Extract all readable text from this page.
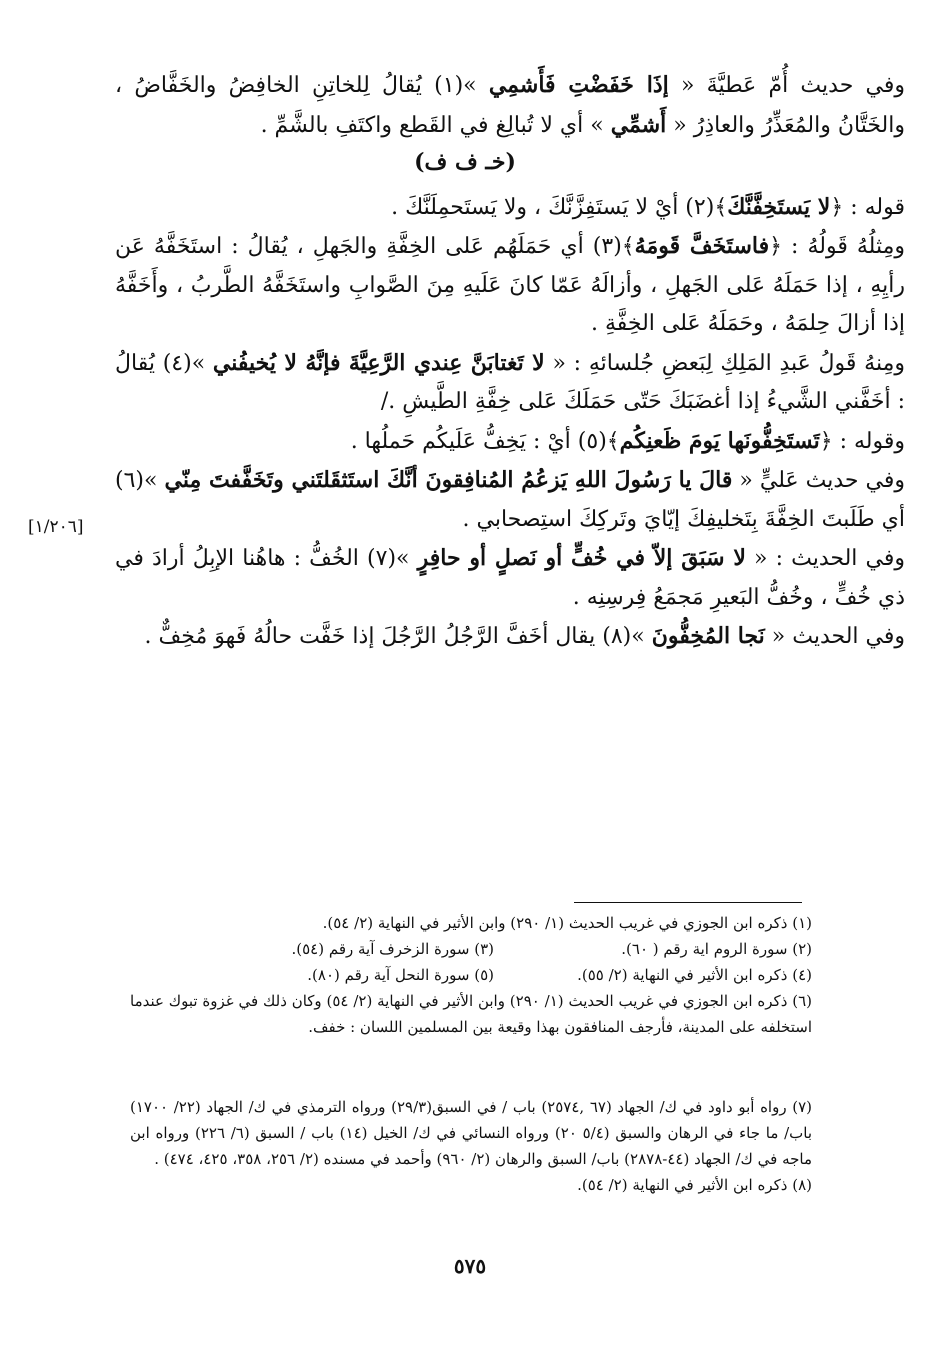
وفي حديث أُمّ عَطيَّةَ « إذَا خَفَضْتِ فَأَشمِي »(١) يُقالُ لِلخاتِنِ الخافِضُ والخَفَّاضُ ، والخَتَّانُ والمُعَذِّرُ والعاذِرُ « أَشمِّي » أي لا تُبالِغ في القَطع واكتَفِ بالشَّمِّ .

(خـ ف ف)

قوله : ﴿لا يَستَخِفَّنَّكَ﴾(٢) أيْ لا يَستَفِزَّنَّكَ ، ولا يَستَحمِلَنَّكَ .

ومِثلُهُ قَولُهُ : ﴿فاستَخَفَّ قَومَهُ﴾(٣) أي حَمَلَهُم عَلى الخِفَّةِ والجَهلِ ، يُقالُ : استَخَفَّهُ عَن رأيِهِ ، إذا حَمَلَهُ عَلى الجَهلِ ، وأزالَهُ عَمّا كانَ عَلَيهِ مِنَ الصَّوابِ واستَخَفَّهُ الطَّربُ ، وأَخَفَّهُ إذا أزالَ حِلمَهُ ، وحَمَلَهُ عَلى الخِفَّةِ .

ومِنهُ قَولُ عَبدِ المَلِكِ لِبَعضِ جُلسائهِ : « لا تَغتابَنَّ عِندي الرَّعِيَّةَ فإنَّهُ لا يُخيفُني »(٤) يُقالُ : أخَفَّني الشَّيءُ إذا أغضَبَكَ حَتّى حَمَلَكَ عَلى خِفَّةِ الطَّيشِ ./

وقوله : ﴿تَستَخِفُّونَها يَومَ ظَعنِكُم﴾(٥) أيْ : يَخِفُّ عَلَيكُم حَملُها .

وفي حديث عَليٍّ « قالَ يا رَسُولَ اللهِ يَزعُمُ المُنافِقونَ أنَّكَ استَثقَلتَني وتَخَفَّفتَ مِنّي »(٦) أي طَلَبتَ الخِفَّةَ بِتَخليفِكَ إيّايَ وتَركِكَ استِصحابي .

وفي الحديث : « لا سَبَقَ إلاّ في خُفٍّ أو نَصلٍ أو حافِرٍ »(٧) الخُفُّ : هاهُنا الإبِلُ أرادَ في ذي خُفٍّ ، وخُفُّ البَعيرِ مَجمَعُ فِرسِنِه .

وفي الحديث « نَجا المُخِفُّونَ »(٨) يقال أخَفَّ الرَّجُلُ الرَّجُلَ إذا خَفَّت حالُهُ فَهوَ مُخِفٌّ .

[١/٢٠٦]

(١) ذكره ابن الجوزي في غريب الحديث (١/ ٢٩٠) وابن الأثير في النهاية (٢/ ٥٤).

(٢) سورة الروم اية رقم ( ٦٠).
(٣) سورة الزخرف آية رقم (٥٤).
(٤) ذكره ابن الأثير في النهاية (٢/ ٥٥).
(٥) سورة النحل آية رقم (٨٠).

(٦) ذكره ابن الجوزي في غريب الحديث (١/ ٢٩٠) وابن الأثير في النهاية (٢/ ٥٤) وكان ذلك في غزوة تبوك عندما استخلفه على المدينة، فأرجف المنافقون بهذا وقيعة بين المسلمين اللسان : خفف.

(٧) رواه أبو داود في ك/ الجهاد (٦٧ ,٢٥٧٤) باب / في السبق(٢٩/٣) ورواه الترمذي في ك/ الجهاد (٢٢/ ١٧٠٠) باب/ ما جاء في الرهان والسبق (٥/٤ ٢٠) ورواه النسائي في ك/ الخيل (١٤) باب / السبق (٦/ ٢٢٦) ورواه ابن ماجه في ك/ الجهاد (٤٤-٢٨٧٨) باب/ السبق والرهان (٢/ ٩٦٠) وأحمد في مسنده (٢/ ٢٥٦، ٣٥٨، ٤٢٥، ٤٧٤) .

(٨) ذكره ابن الأثير في النهاية (٢/ ٥٤).

٥٧٥
